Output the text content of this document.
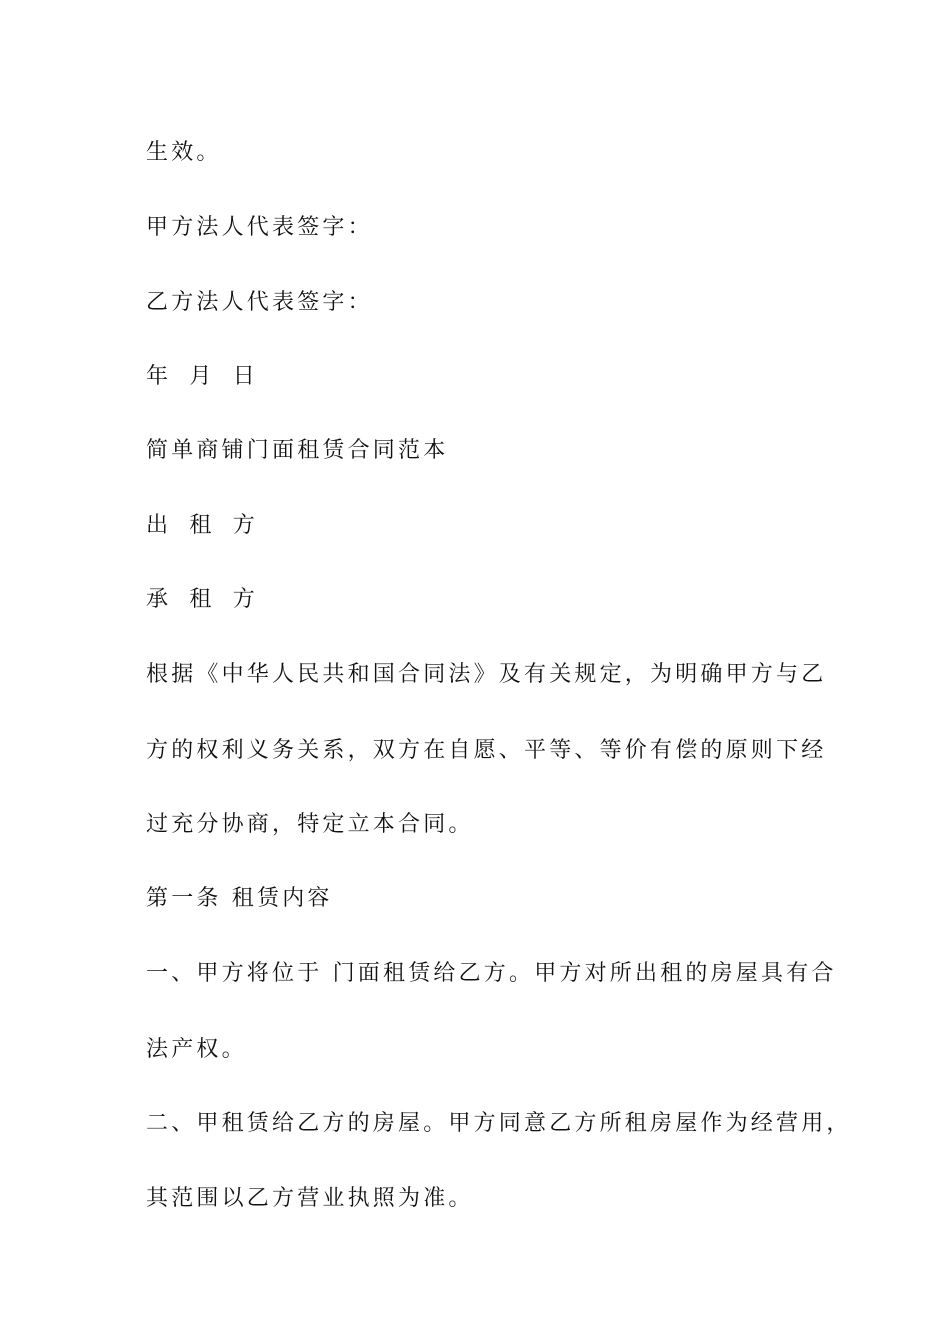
生效。
甲方法人代表签字：
乙方法人代表签字：
年 月 日
简单商铺门面租赁合同范本
出 租 方
承 租 方
根据《中华人民共和国合同法》及有关规定，为明确甲方与乙
方的权利义务关系，双方在自愿、平等、等价有偿的原则下经
过充分协商，特定立本合同。
第一条 租赁内容
一、甲方将位于 门面租赁给乙方。甲方对所出租的房屋具有合
法产权。
二、甲租赁给乙方的房屋。甲方同意乙方所租房屋作为经营用，
其范围以乙方营业执照为准。
